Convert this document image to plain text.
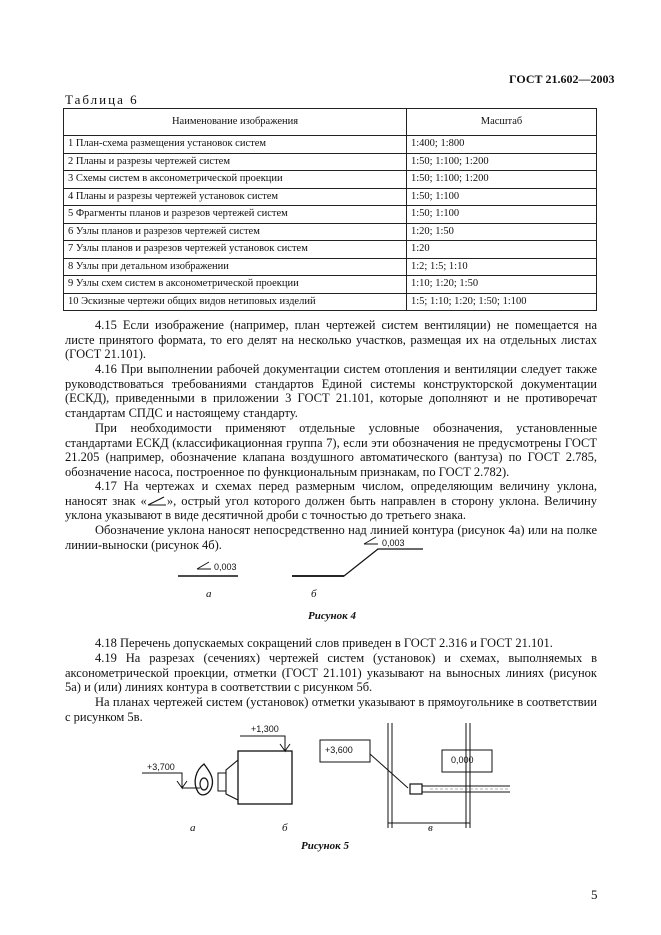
ГОСТ 21.602—2003
Таблица 6
Наименование изображения	Масштаб
1 План-схема размещения установок систем	1:400; 1:800
2 Планы и разрезы чертежей систем	1:50; 1:100; 1:200
3 Схемы систем в аксонометрической проекции	1:50; 1:100; 1:200
4 Планы и разрезы чертежей установок систем	1:50; 1:100
5 Фрагменты планов и разрезов чертежей систем	1:50; 1:100
6 Узлы планов и разрезов чертежей систем	1:20; 1:50
7 Узлы планов и разрезов чертежей установок систем	1:20
8 Узлы при детальном изображении	1:2; 1:5; 1:10
9 Узлы схем систем в аксонометрической проекции	1:10; 1:20; 1:50
10 Эскизные чертежи общих видов нетиповых изделий	1:5; 1:10; 1:20; 1:50; 1:100

4.15 Если изображение (например, план чертежей систем вентиляции) не помещается на листе принятого формата, то его делят на несколько участков, размещая их на отдельных листах (ГОСТ 21.101).

4.16 При выполнении рабочей документации систем отопления и вентиляции следует также руководствоваться требованиями стандартов Единой системы конструкторской документации (ЕСКД), приведенными в приложении 3 ГОСТ 21.101, которые дополняют и не противоречат стандартам СПДС и настоящему стандарту.

При необходимости применяют отдельные условные обозначения, установленные стандартами ЕСКД (классификационная группа 7), если эти обозначения не предусмотрены ГОСТ 21.205 (например, обозначение клапана воздушного автоматического (вантуза) по ГОСТ 2.785, обозначение насоса, построенное по функциональным признакам, по ГОСТ 2.782).

4.17 На чертежах и схемах перед размерным числом, определяющим величину уклона, наносят знак « », острый угол которого должен быть направлен в сторону уклона. Величину уклона указывают в виде десятичной дроби с точностью до третьего знака.

Обозначение уклона наносят непосредственно над линией контура (рисунок 4а) или на полке линии-выноски (рисунок 4б).

0,003
0,003
а	б
Рисунок 4

4.18 Перечень допускаемых сокращений слов приведен в ГОСТ 2.316 и ГОСТ 21.101.

4.19 На разрезах (сечениях) чертежей систем (установок) и схемах, выполняемых в аксонометрической проекции, отметки (ГОСТ 21.101) указывают на выносных линиях (рисунок 5а) и (или) линиях контура в соответствии с рисунком 5б.

На планах чертежей систем (установок) отметки указывают в прямоугольнике в соответствии с рисунком 5в.

+3,700
+1,300
+3,600
0,000
а	б	в
Рисунок 5
5
